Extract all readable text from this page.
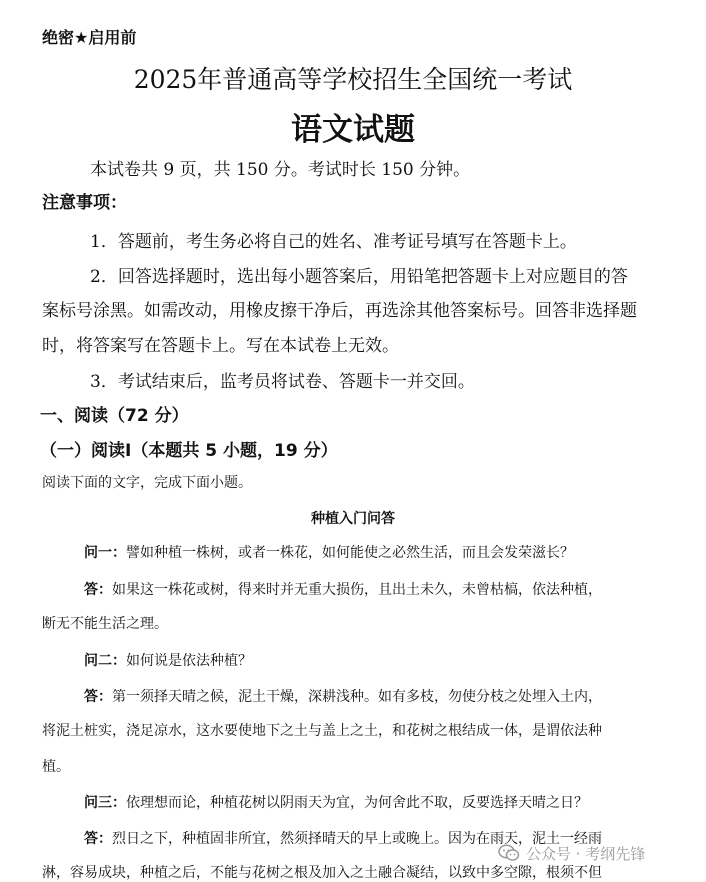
绝密★启用前
2025年普通高等学校招生全国统一考试
语文试题
本试卷共 9 页，共 150 分。考试时长 150 分钟。
注意事项：
1．答题前，考生务必将自己的姓名、准考证号填写在答题卡上。
2．回答选择题时，选出每小题答案后，用铅笔把答题卡上对应题目的答
案标号涂黑。如需改动，用橡皮擦干净后，再选涂其他答案标号。回答非选择题
时，将答案写在答题卡上。写在本试卷上无效。
3．考试结束后，监考员将试卷、答题卡一并交回。
一、阅读（72 分）
（一）阅读I（本题共 5 小题，19 分）
阅读下面的文字，完成下面小题。
种植入门问答
问一：譬如种植一株树，或者一株花，如何能使之必然生活，而且会发荣滋长？
答：如果这一株花或树，得来时并无重大损伤，且出土未久，未曾枯槁，依法种植，
断无不能生活之理。
问二：如何说是依法种植？
答：第一须择天晴之候，泥土干燥，深耕浅种。如有多枝，勿使分枝之处埋入土内，
将泥土桩实，浇足凉水，这水要使地下之土与盖上之土，和花树之根结成一体，是谓依法种
植。
问三：依理想而论，种植花树以阴雨天为宜，为何舍此不取，反要选择天晴之日？
答：烈日之下，种植固非所宜，然须择晴天的早上或晚上。因为在雨天，泥土一经雨
淋，容易成块，种植之后，不能与花树之根及加入之土融合凝结，以致中多空隙，根须不但
公众号 · 考纲先锋
